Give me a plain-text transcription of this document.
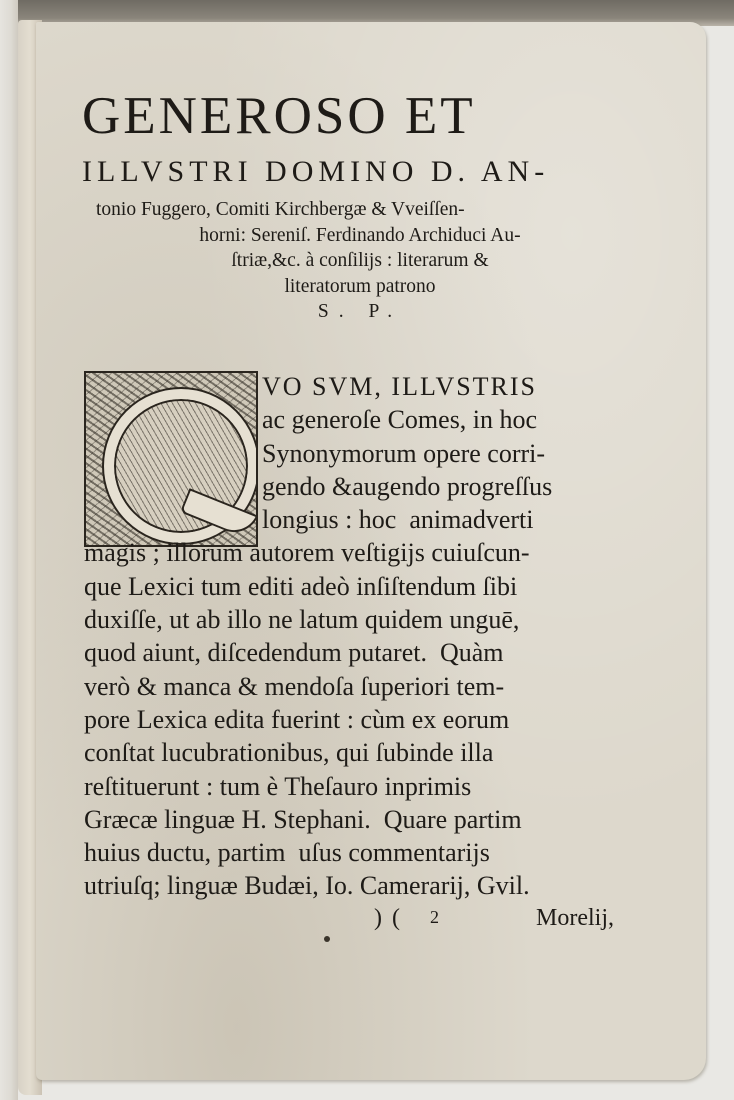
GENEROSO ET
ILLVSTRI DOMINO D. AN-
tonio Fuggero, Comiti Kirchbergæ & Vveiſſen-
horni: Sereniſ. Ferdinando Archiduci Au-
ſtriæ,&c. à conſilijs : literarum &
literatorum patrono
S. P.
VO SVM, ILLVSTRIS
ac generoſe Comes, in hoc
Synonymorum opere corri-
gendo &augendo progreſſus
longius : hoc  animadverti
magis ; illorum autorem veſtigijs cuiuſcun-
que Lexici tum editi adeò inſiſtendum ſibi
duxiſſe, ut ab illo ne latum quidem unguē,
quod aiunt, diſcedendum putaret.  Quàm
verò & manca & mendoſa ſuperiori tem-
pore Lexica edita fuerint : cùm ex eorum
conſtat lucubrationibus, qui ſubinde illa
reſtituerunt : tum è Theſauro inprimis
Græcæ linguæ H. Stephani.  Quare partim
huius ductu, partim  uſus commentarijs
utriuſq; linguæ Budæi, Io. Camerarij, Gvil.
)( 2	Morelij,
